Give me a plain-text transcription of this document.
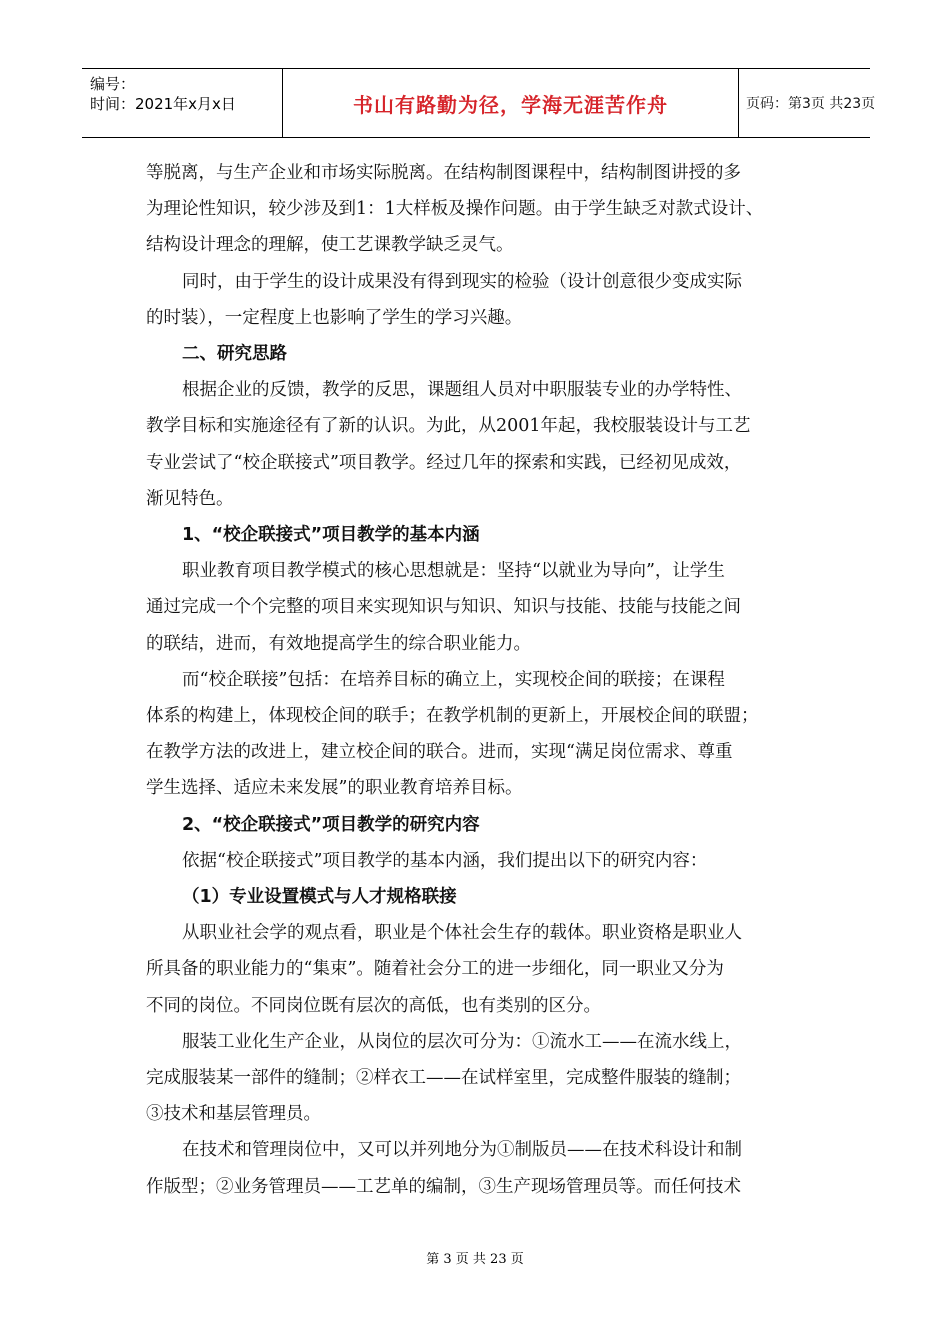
编号：
时间：2021年x月x日	书山有路勤为径，学海无涯苦作舟	页码：第3页 共23页
等脱离，与生产企业和市场实际脱离。在结构制图课程中，结构制图讲授的多
为理论性知识，较少涉及到1：1大样板及操作问题。由于学生缺乏对款式设计、
结构设计理念的理解，使工艺课教学缺乏灵气。
同时，由于学生的设计成果没有得到现实的检验（设计创意很少变成实际
的时装），一定程度上也影响了学生的学习兴趣。
二、研究思路
根据企业的反馈，教学的反思，课题组人员对中职服装专业的办学特性、
教学目标和实施途径有了新的认识。为此，从2001年起，我校服装设计与工艺
专业尝试了“校企联接式”项目教学。经过几年的探索和实践，已经初见成效，
渐见特色。
1、“校企联接式”项目教学的基本内涵
职业教育项目教学模式的核心思想就是：坚持“以就业为导向”，让学生
通过完成一个个完整的项目来实现知识与知识、知识与技能、技能与技能之间
的联结，进而，有效地提高学生的综合职业能力。
而“校企联接”包括：在培养目标的确立上，实现校企间的联接；在课程
体系的构建上，体现校企间的联手；在教学机制的更新上，开展校企间的联盟；
在教学方法的改进上，建立校企间的联合。进而，实现“满足岗位需求、尊重
学生选择、适应未来发展”的职业教育培养目标。
2、“校企联接式”项目教学的研究内容
依据“校企联接式”项目教学的基本内涵，我们提出以下的研究内容：
（1）专业设置模式与人才规格联接
从职业社会学的观点看，职业是个体社会生存的载体。职业资格是职业人
所具备的职业能力的“集束”。随着社会分工的进一步细化，同一职业又分为
不同的岗位。不同岗位既有层次的高低，也有类别的区分。
服装工业化生产企业，从岗位的层次可分为：①流水工——在流水线上，
完成服装某一部件的缝制；②样衣工——在试样室里，完成整件服装的缝制；
③技术和基层管理员。
在技术和管理岗位中，又可以并列地分为①制版员——在技术科设计和制
作版型；②业务管理员——工艺单的编制，③生产现场管理员等。而任何技术
第 3 页 共 23 页
